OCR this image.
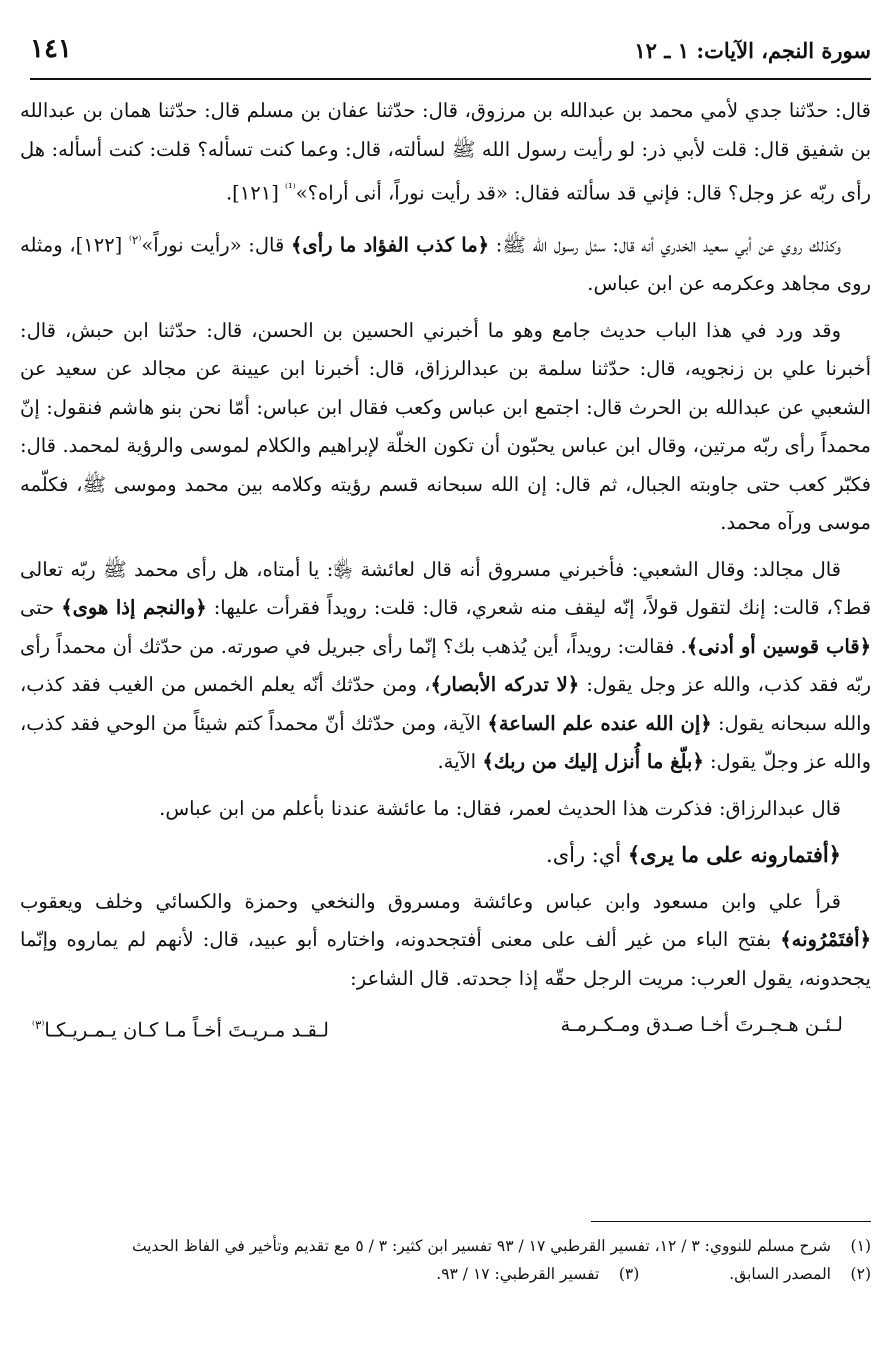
سورة النجم، الآيات: ١ ـ ١٢
١٤١

قال: حدّثنا جدي لأمي محمد بن عبدالله بن مرزوق، قال: حدّثنا عفان بن مسلم قال: حدّثنا همان بن عبدالله بن شفيق قال: قلت لأبي ذر: لو رأيت رسول الله ﷺ لسألته، قال: وعما كنت تسأله؟ قلت: كنت أسأله: هل رأى ربّه عز وجل؟ قال: فإني قد سألته فقال: «قد رأيت نوراً، أنى أراه؟»$^{^{(1)}}$ [١٢١].

وكذلك روي عن أبي سعيد الخدري أنه قال: سئل رسول الله ﷺ: ﴿ما كذب الفؤاد ما رأى﴾ قال: «رأيت نوراً»$^{^(٢^)}$ [١٢٢]، ومثله روى مجاهد وعكرمه عن ابن عباس.

وقد ورد في هذا الباب حديث جامع وهو ما أخبرني الحسين بن الحسن، قال: حدّثنا ابن حبش، قال: أخبرنا علي بن زنجويه، قال: حدّثنا سلمة بن عبدالرزاق، قال: أخبرنا ابن عيينة عن مجالد عن سعيد عن الشعبي عن عبدالله بن الحرث قال: اجتمع ابن عباس وكعب فقال ابن عباس: أمّا نحن بنو هاشم فنقول: إنّ محمداً رأى ربّه مرتين، وقال ابن عباس يحبّون أن تكون الخلّة لإبراهيم والكلام لموسى والرؤية لمحمد. قال: فكبّر كعب حتى جاوبته الجبال، ثم قال: إن الله سبحانه قسم رؤيته وكلامه بين محمد وموسى ﷺ، فكلّمه موسى ورآه محمد.

قال مجالد: وقال الشعبي: فأخبرني مسروق أنه قال لعائشة ﵂: يا أمتاه، هل رأى محمد ﷺ ربّه تعالى قط؟، قالت: إنك لتقول قولاً، إنّه ليقف منه شعري، قال: قلت: رويداً فقرأت عليها: ﴿والنجم إذا هوى﴾ حتى ﴿قاب قوسين أو أدنى﴾. فقالت: رويداً، أين يُذهب بك؟ إنّما رأى جبريل في صورته. من حدّثك أن محمداً رأى ربّه فقد كذب، والله عز وجل يقول: ﴿لا تدركه الأبصار﴾، ومن حدّثك أنّه يعلم الخمس من الغيب فقد كذب، والله سبحانه يقول: ﴿إن الله عنده علم الساعة﴾ الآية، ومن حدّثك أنّ محمداً كتم شيئاً من الوحي فقد كذب، والله عز وجلّ يقول: ﴿بلّغ ما أُنزل إليك من ربك﴾ الآية.

قال عبدالرزاق: فذكرت هذا الحديث لعمر، فقال: ما عائشة عندنا بأعلم من ابن عباس.

﴿أفتمارونه على ما يرى﴾ أي: رأى.

قرأ علي وابن مسعود وابن عباس وعائشة ومسروق والنخعي وحمزة والكسائي وخلف ويعقوب ﴿أفتَمْرُونه﴾ بفتح الباء من غير ألف على معنى أفتجحدونه، واختاره أبو عبيد، قال: لأنهم لم يماروه وإنّما يجحدونه، يقول العرب: مريت الرجل حقّه إذا جحدته. قال الشاعر:

لـئـن هـجـرتَ أخـا صـدق ومـكـرمـة
لـقـد مـريـتَ أخـاً مـا كـان يـمـريـكـا$^{^(٣^)}$
(١)
شرح مسلم للنووي: ٣ / ١٢، تفسير القرطبي ١٧ / ٩٣ تفسير ابن كثير: ٣ / ٥ مع تقديم وتأخير في الفاظ الحديث
(٢)
المصدر السابق.
(٣)
تفسير القرطبي: ١٧ / ٩٣.
